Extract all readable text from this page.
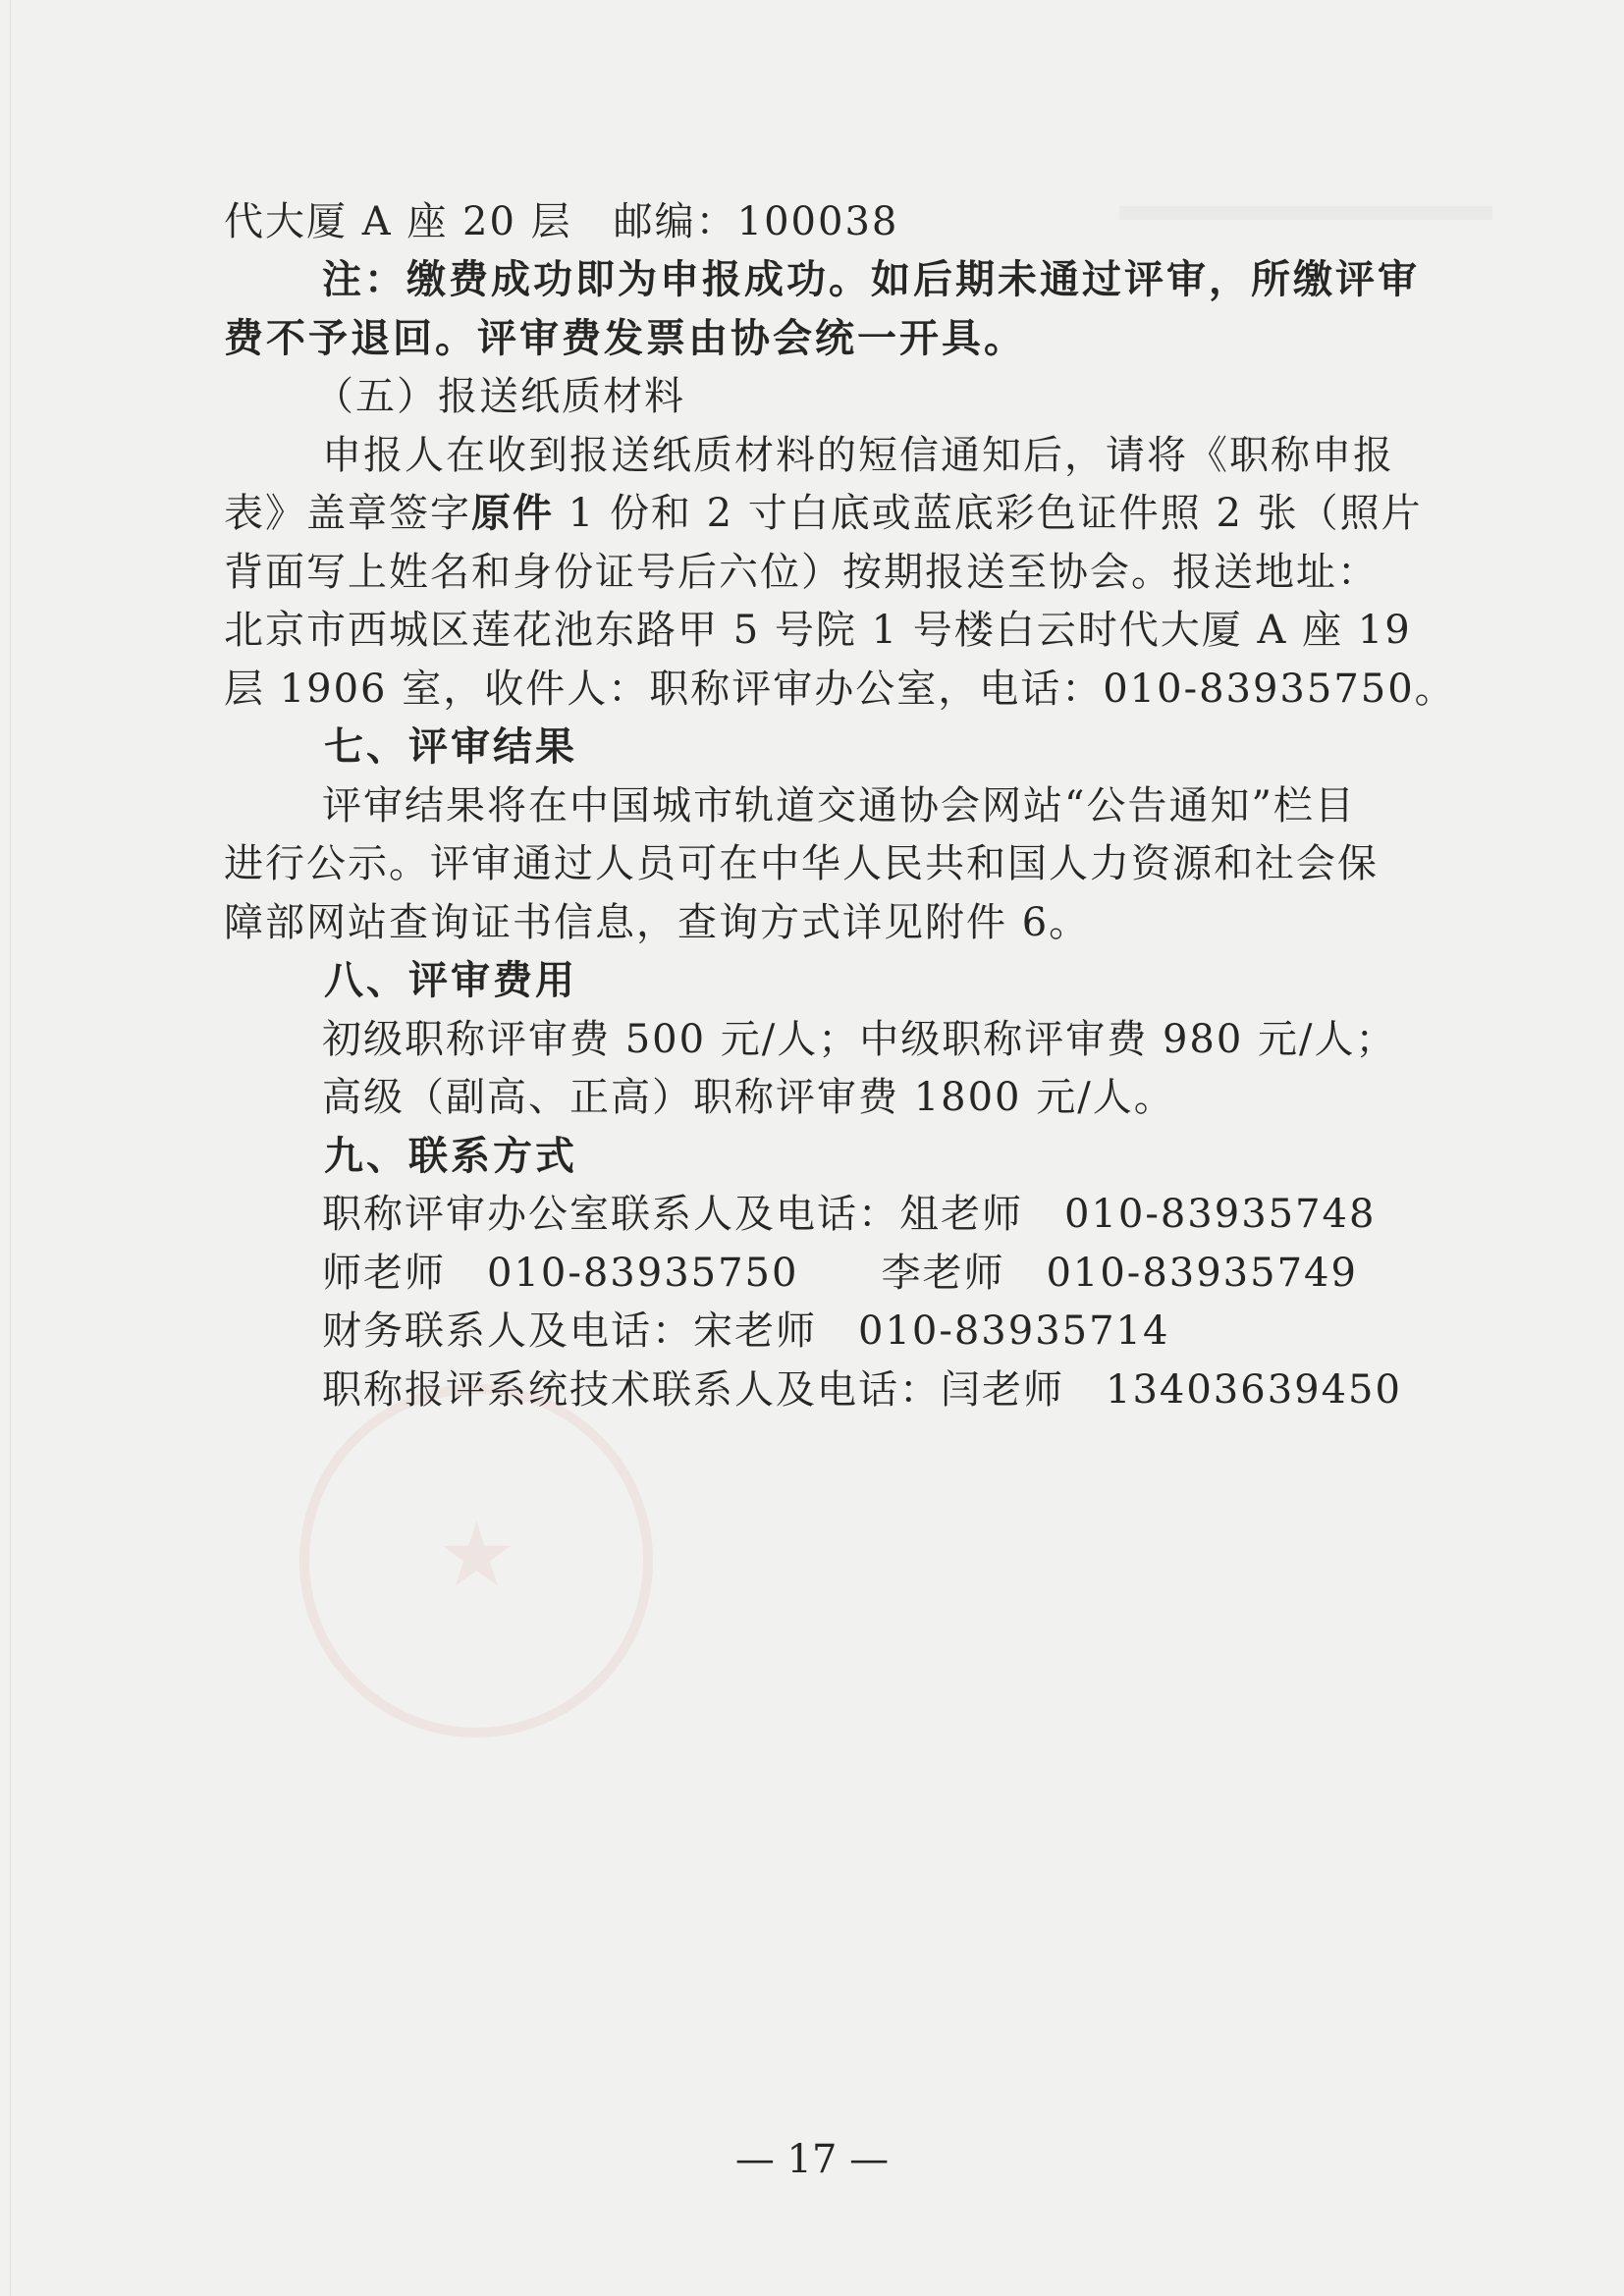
★

代大厦 A 座 20 层　邮编：100038

注：缴费成功即为申报成功。如后期未通过评审，所缴评审

费不予退回。评审费发票由协会统一开具。

（五）报送纸质材料

申报人在收到报送纸质材料的短信通知后，请将《职称申报

表》盖章签字原件 1 份和 2 寸白底或蓝底彩色证件照 2 张（照片

背面写上姓名和身份证号后六位）按期报送至协会。报送地址：

北京市西城区莲花池东路甲 5 号院 1 号楼白云时代大厦 A 座 19

层 1906 室，收件人：职称评审办公室，电话：010-83935750。

七、评审结果

评审结果将在中国城市轨道交通协会网站“公告通知”栏目

进行公示。评审通过人员可在中华人民共和国人力资源和社会保

障部网站查询证书信息，查询方式详见附件 6。

八、评审费用

初级职称评审费 500 元/人；中级职称评审费 980 元/人；

高级（副高、正高）职称评审费 1800 元/人。

九、联系方式

职称评审办公室联系人及电话：俎老师　010-83935748

师老师　010-83935750　　李老师　010-83935749

财务联系人及电话：宋老师　010-83935714

职称报评系统技术联系人及电话：闫老师　13403639450

— 17 —
